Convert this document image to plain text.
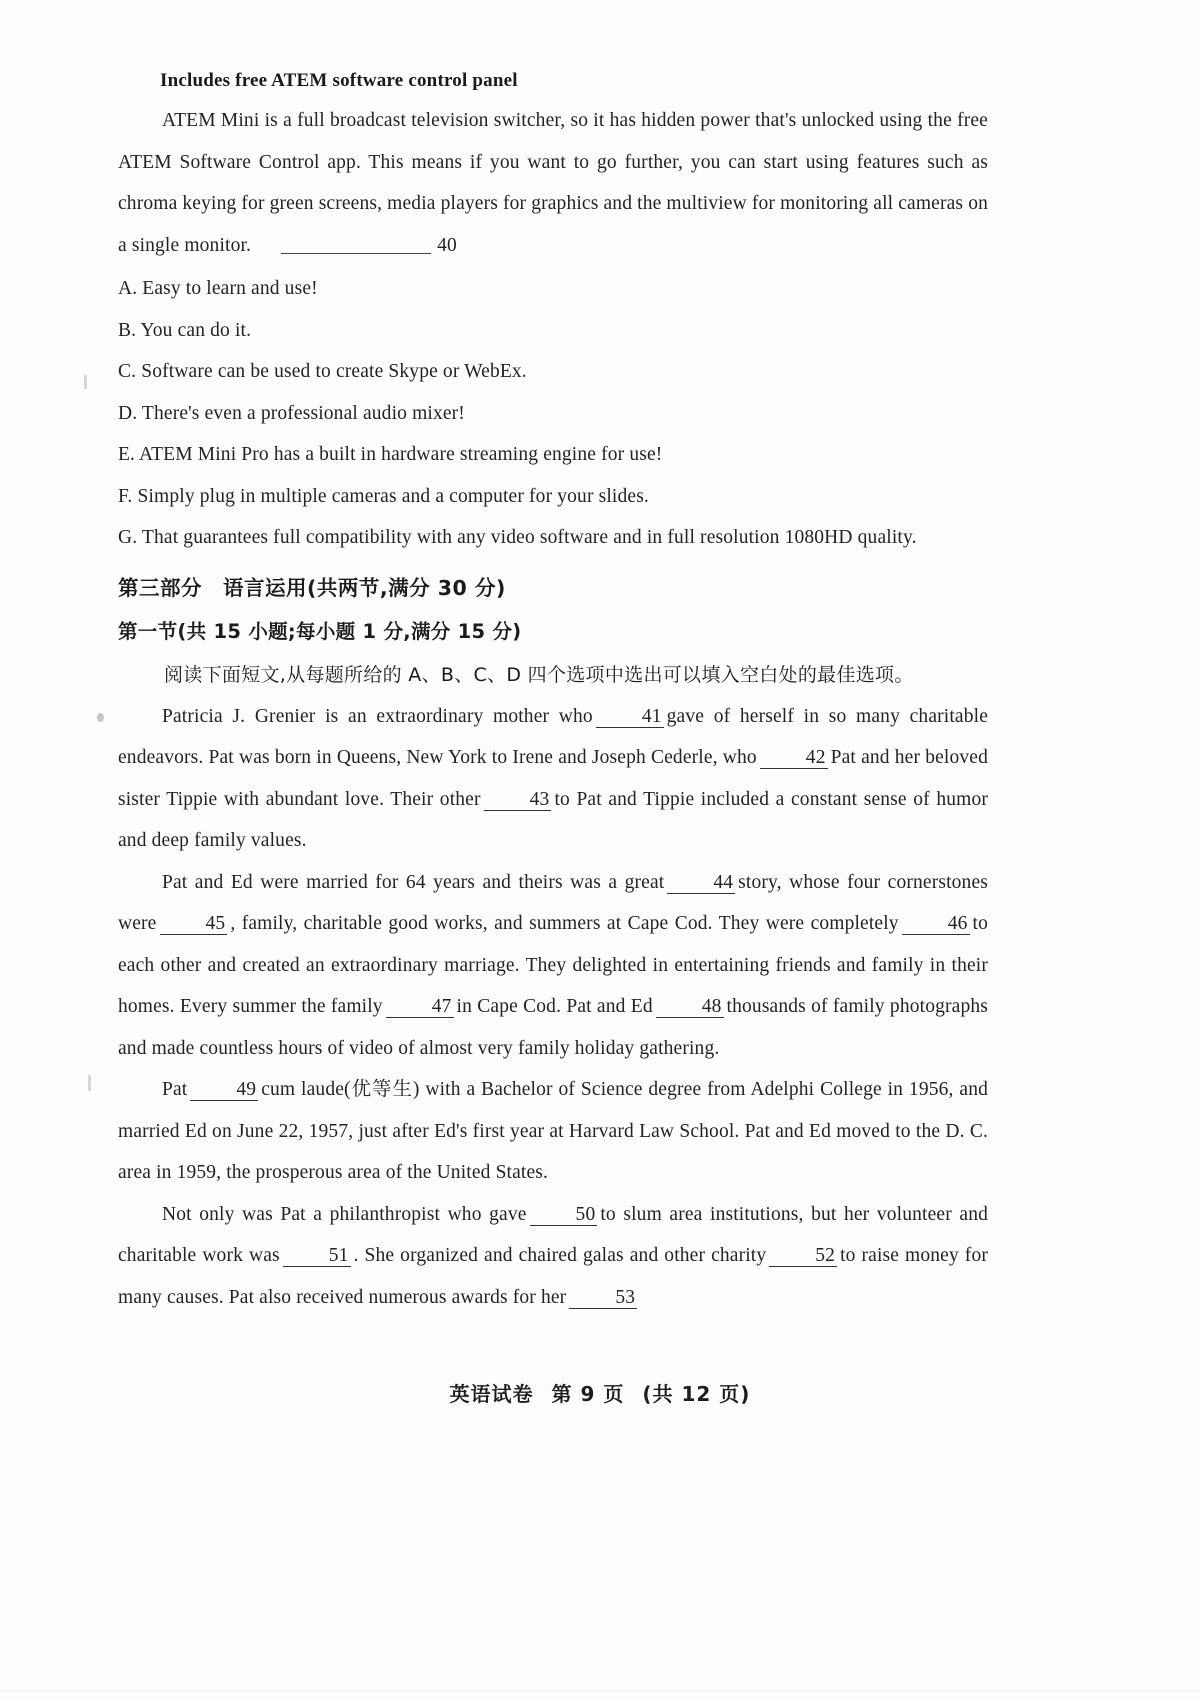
Includes free ATEM software control panel

ATEM Mini is a full broadcast television switcher, so it has hidden power that's unlocked using the free ATEM Software Control app. This means if you want to go further, you can start using features such as chroma keying for green screens, media players for graphics and the multiview for monitoring all cameras on a single monitor.	40

A. Easy to learn and use!

B. You can do it.

C. Software can be used to create Skype or WebEx.

D. There's even a professional audio mixer!

E. ATEM Mini Pro has a built in hardware streaming engine for use!

F. Simply plug in multiple cameras and a computer for your slides.

G. That guarantees full compatibility with any video software and in full resolution 1080HD quality.

第三部分　语言运用(共两节,满分 30 分)
第一节(共 15 小题;每小题 1 分,满分 15 分)
阅读下面短文,从每题所给的 A、B、C、D 四个选项中选出可以填入空白处的最佳选项。

Patricia J. Grenier is an extraordinary mother who	41 gave of herself in so many charitable endeavors. Pat was born in Queens, New York to Irene and Joseph Cederle, who	42 Pat and her beloved sister Tippie with abundant love. Their other	43 to Pat and Tippie included a constant sense of humor and deep family values.

Pat and Ed were married for 64 years and theirs was a great	44 story, whose four cornerstones were	45 , family, charitable good works, and summers at Cape Cod. They were completely	46 to each other and created an extraordinary marriage. They delighted in entertaining friends and family in their homes. Every summer the family	47 in Cape Cod. Pat and Ed	48 thousands of family photographs and made countless hours of video of almost very family holiday gathering.

Pat	49 cum laude(优等生) with a Bachelor of Science degree from Adelphi College in 1956, and married Ed on June 22, 1957, just after Ed's first year at Harvard Law School. Pat and Ed moved to the D. C. area in 1959, the prosperous area of the United States.

Not only was Pat a philanthropist who gave	50 to slum area institutions, but her volunteer and charitable work was	51 . She organized and chaired galas and other charity	52 to raise money for many causes. Pat also received numerous awards for her	53

英语试卷 第 9 页 (共 12 页)
